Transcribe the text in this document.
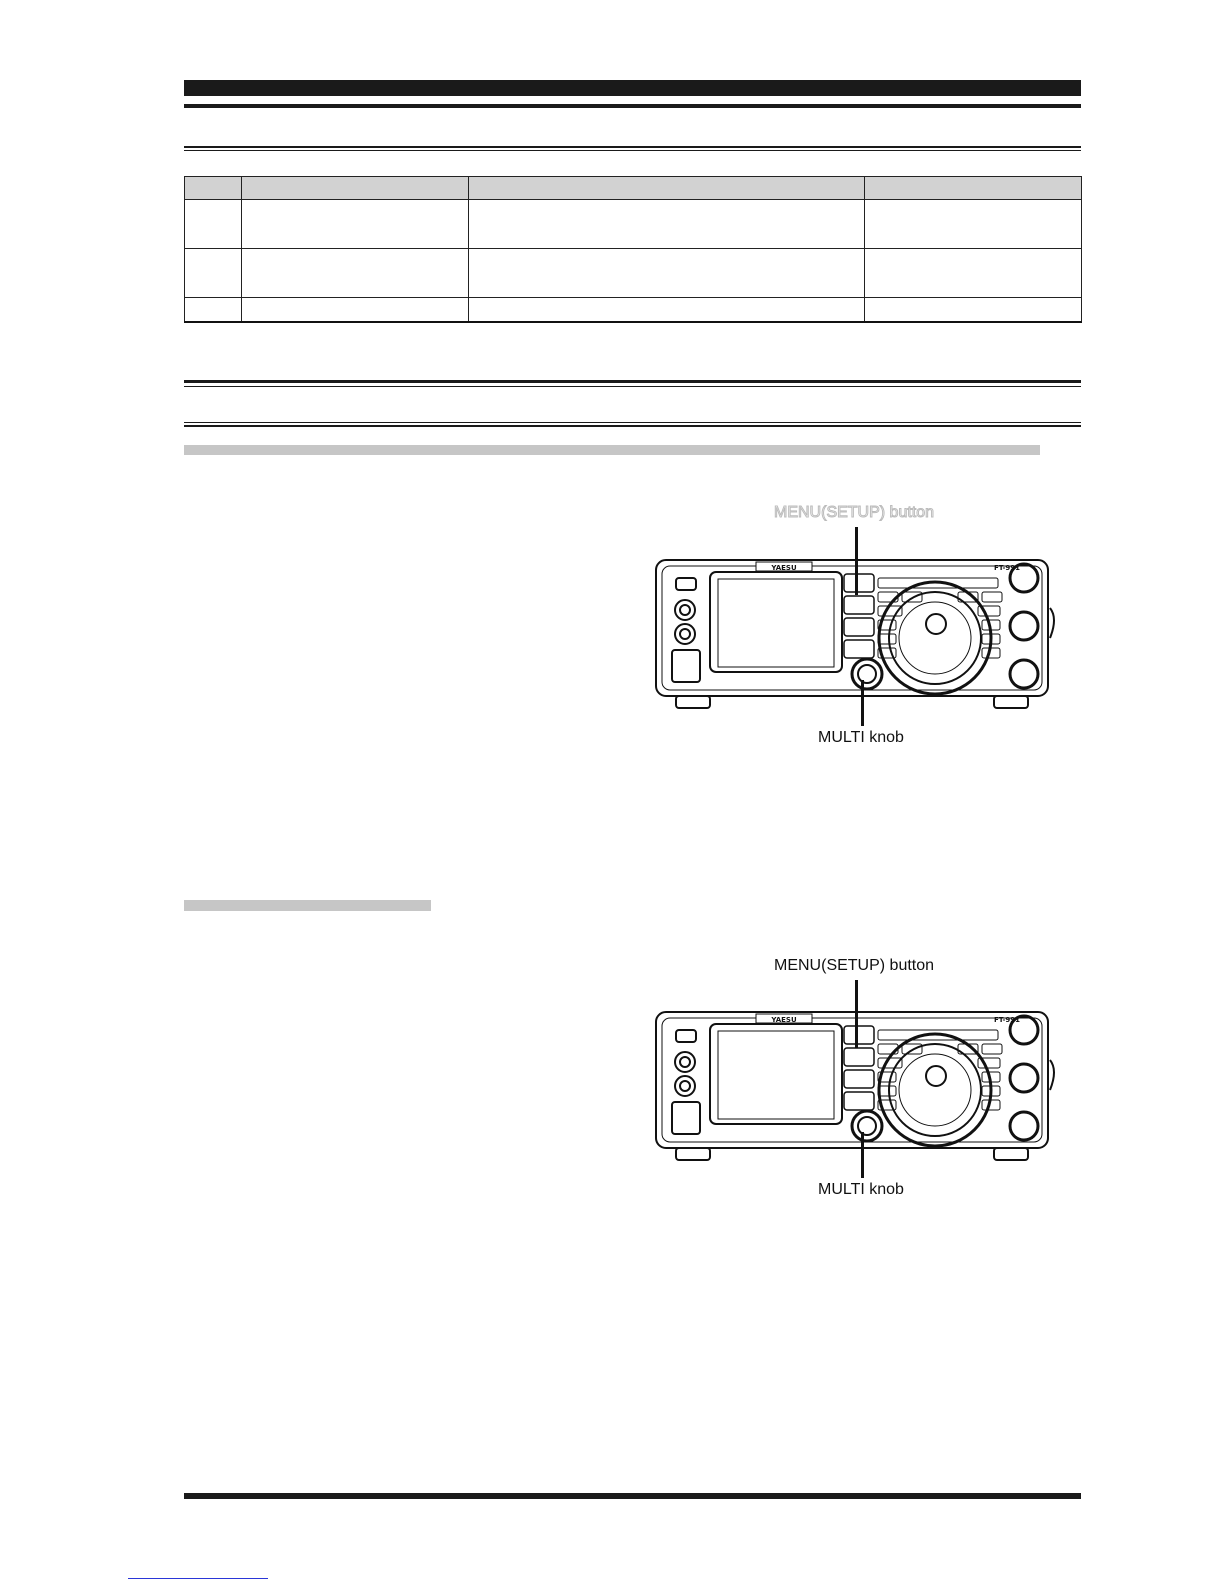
MENU(SETUP) button
YAESU	FT-991
MULTI knob
MENU(SETUP) button
YAESU	FT-991
MULTI knob
